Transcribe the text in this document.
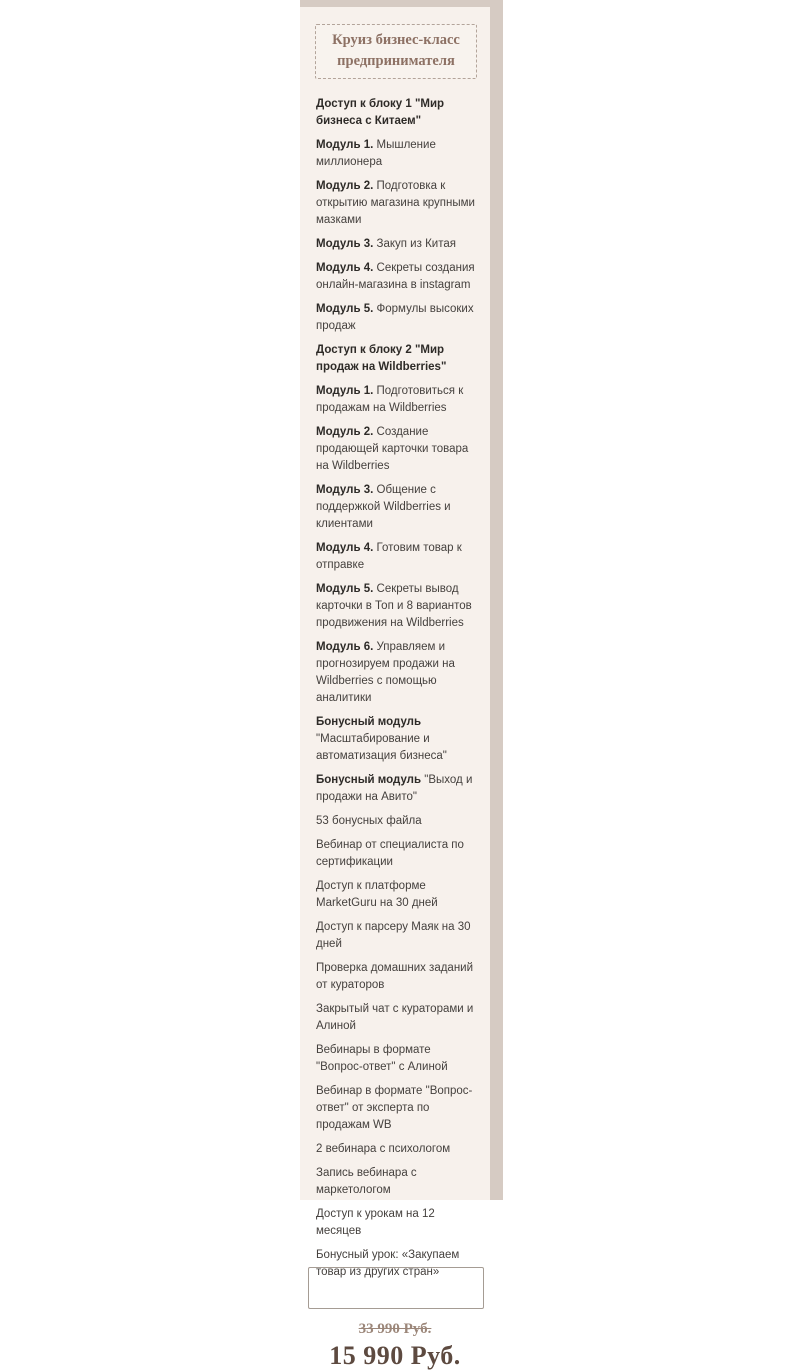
Круиз бизнес-класс предпринимателя

Доступ к блоку 1 "Мир бизнеса с Китаем"

Модуль 1. Мышление миллионера

Модуль 2. Подготовка к открытию магазина крупными мазками

Модуль 3. Закуп из Китая

Модуль 4. Секреты создания онлайн-магазина в instagram

Модуль 5. Формулы высоких продаж

Доступ к блоку 2 "Мир продаж на Wildberries"

Модуль 1. Подготовиться к продажам на Wildberries

Модуль 2. Создание продающей карточки товара на Wildberries

Модуль 3. Общение с поддержкой Wildberries и клиентами

Модуль 4. Готовим товар к отправке

Модуль 5. Секреты вывод карточки в Топ и 8 вариантов продвижения на Wildberries

Модуль 6. Управляем и прогнозируем продажи на Wildberries с помощью аналитики

Бонусный модуль "Масштабирование и автоматизация бизнеса"

Бонусный модуль "Выход и продажи на Авито"

53 бонусных файла

Вебинар от специалиста по сертификации

Доступ к платформе MarketGuru на 30 дней

Доступ к парсеру Маяк на 30 дней

Проверка домашних заданий от кураторов

Закрытый чат с кураторами и Алиной

Вебинары в формате "Вопрос-ответ" с Алиной

Вебинар в формате "Вопрос-ответ" от эксперта по продажам WB

2 вебинара с психологом

Запись вебинара с маркетологом

Доступ к урокам на 12 месяцев

Бонусный урок: «Закупаем товар из других стран»

33 990 Руб.
15 990 Руб.
